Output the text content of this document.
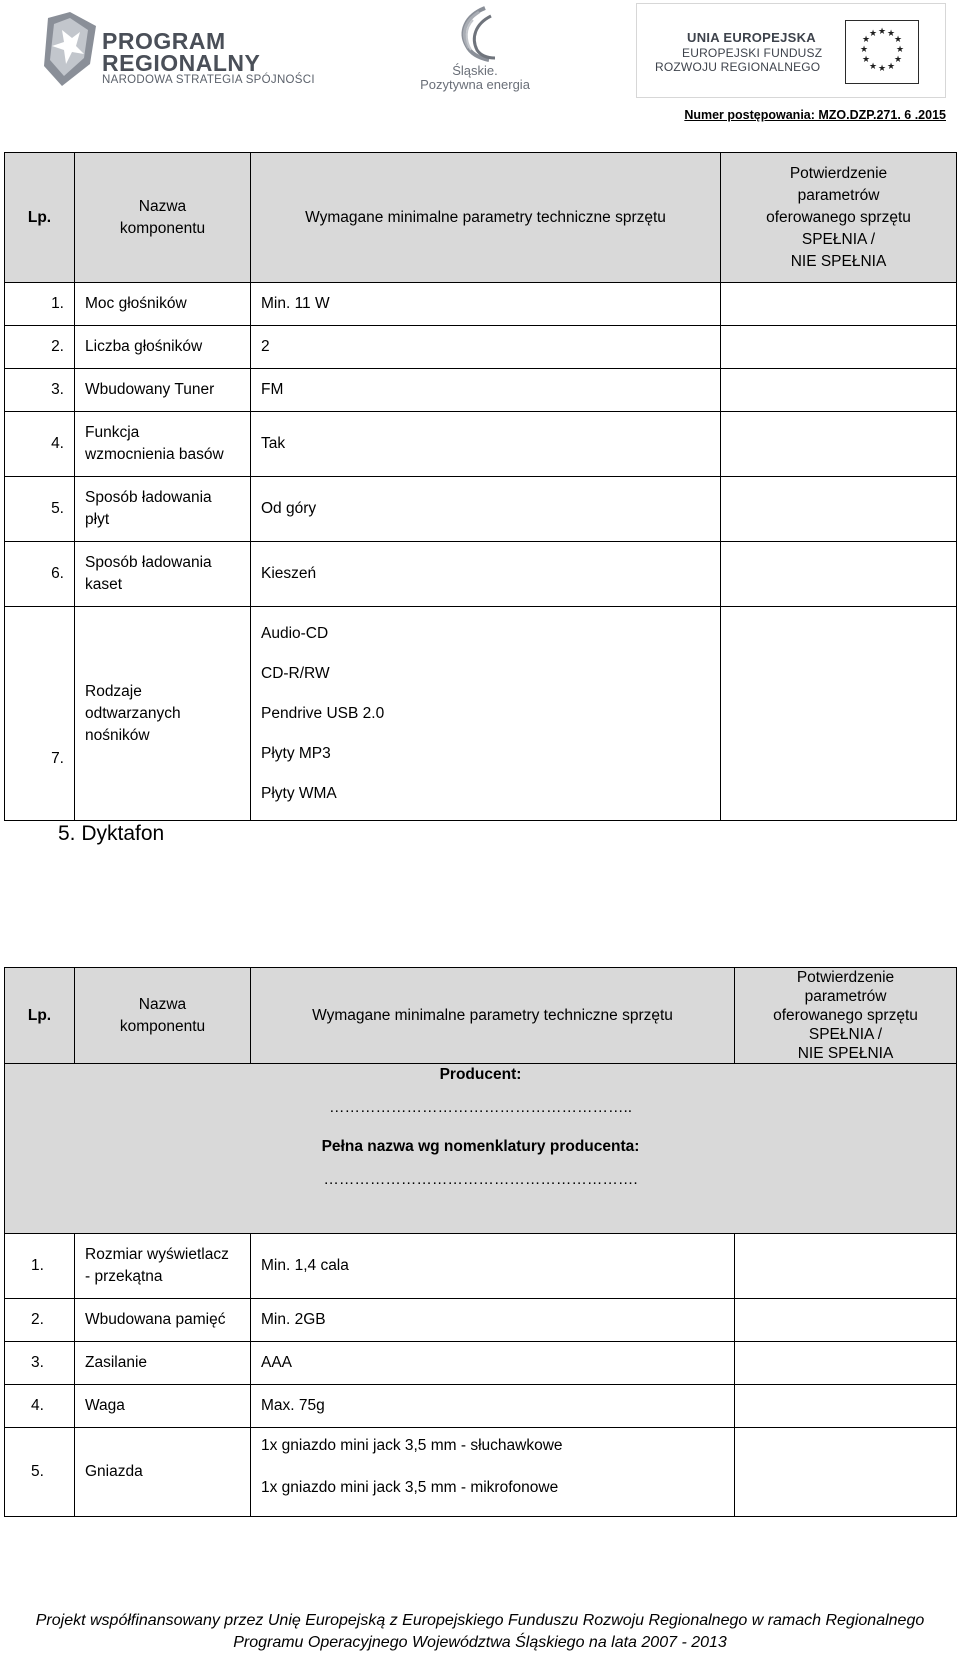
PROGRAM
REGIONALNY
NARODOWA STRATEGIA SPÓJNOŚCI
Śląskie.
Pozytywna energia
UNIA EUROPEJSKA
EUROPEJSKI FUNDUSZ
ROZWOJU REGIONALNEGO
★ ★
★
★
★
★
★
★
★
★
★
★
Numer postępowania: MZO.DZP.271. 6 .2015
Lp.	Nazwa
komponentu	Wymagane minimalne parametry techniczne sprzętu	Potwierdzenie
parametrów
oferowanego sprzętu
SPEŁNIA /
NIE SPEŁNIA

1.	Moc głośników	Min. 11 W	
2.	Liczba głośników	2	
3.	Wbudowany Tuner	FM	
4.	Funkcja
wzmocnienia basów	Tak	
5.	Sposób ładowania
płyt	Od góry	
6.	Sposób ładowania
kaset	Kieszeń	
7.	Rodzaje
odtwarzanych
nośników	Audio-CD
CD-R/RW
Pendrive USB 2.0
Płyty MP3
Płyty WMA	

5. Dyktafon
Lp.	Nazwa
komponentu	Wymagane minimalne parametry techniczne sprzętu	Potwierdzenie
parametrów
oferowanego sprzętu
SPEŁNIA /
NIE SPEŁNIA

Producent:
…………………………………………………..
Pełna nazwa wg nomenklatury producenta:
…………………………………………………….			

1.	Rozmiar wyświetlacz
- przekątna	Min. 1,4 cala	
2.	Wbudowana pamięć	Min. 2GB	
3.	Zasilanie	AAA	
4.	Waga	Max. 75g	
5.	Gniazda	1x gniazdo mini jack 3,5 mm - słuchawkowe
1x gniazdo mini jack 3,5 mm - mikrofonowe	

Projekt współfinansowany przez Unię Europejską z Europejskiego Funduszu Rozwoju Regionalnego w ramach Regionalnego
Programu Operacyjnego Województwa Śląskiego na lata 2007 - 2013
